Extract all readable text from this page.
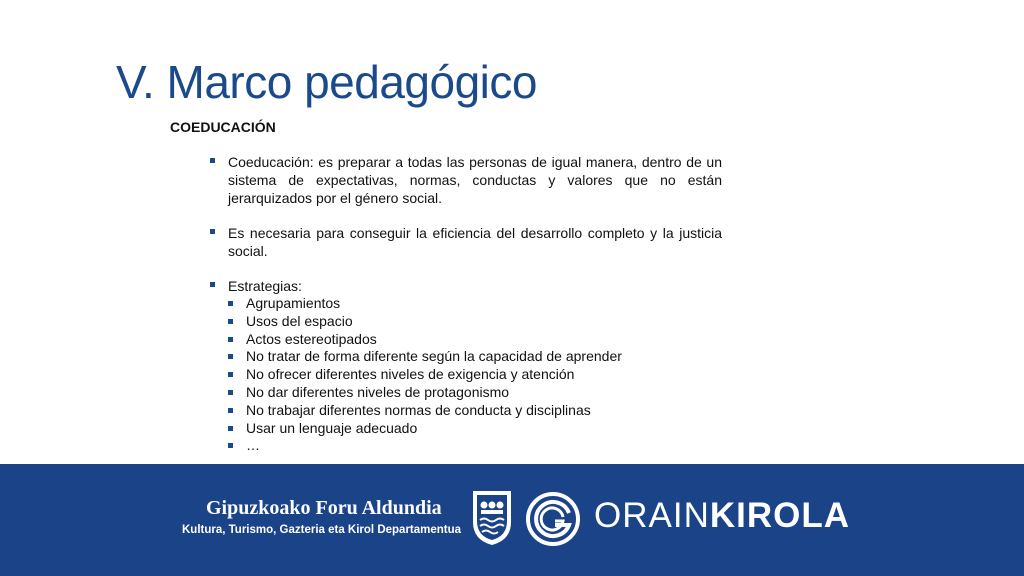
V. Marco pedagógico
COEDUCACIÓN
Coeducación: es preparar a todas las personas de igual manera, dentro de un sistema de expectativas, normas, conductas y valores que no están jerarquizados por el género social.
Es necesaria para conseguir la eficiencia del desarrollo completo y la justicia social.
Estrategias:
Agrupamientos
Usos del espacio
Actos estereotipados
No tratar de forma diferente según la capacidad de aprender
No ofrecer diferentes niveles de exigencia y atención
No dar diferentes niveles de protagonismo
No trabajar diferentes normas de conducta y disciplinas
Usar un lenguaje adecuado
…
Gipuzkoako Foru Aldundia
Kultura, Turismo, Gazteria eta Kirol Departamentua	ORAINKIROLA
